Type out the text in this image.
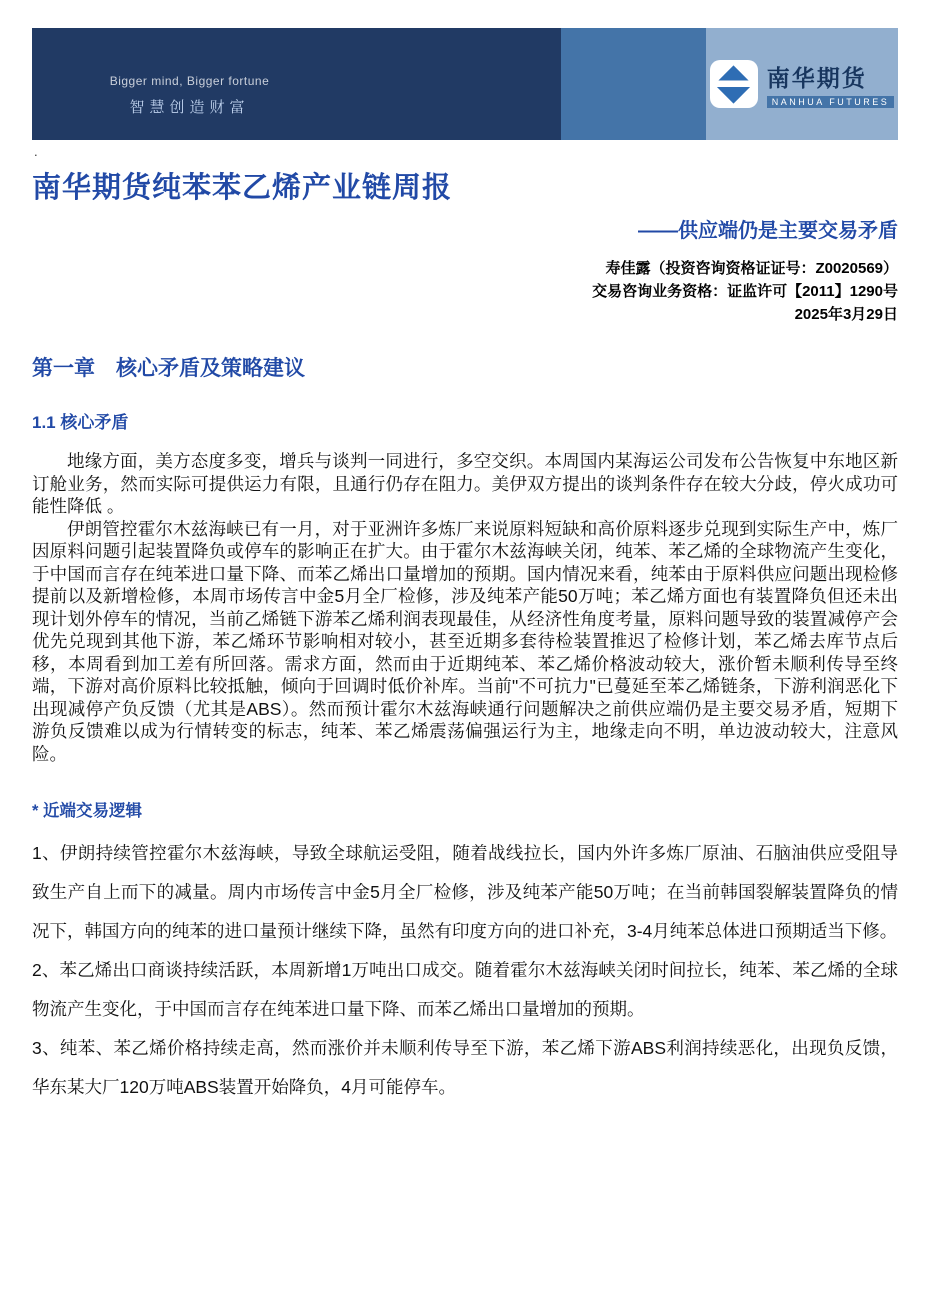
Bigger mind, Bigger fortune
智慧创造财富
南华期货
NANHUA FUTURES
.
南华期货纯苯苯乙烯产业链周报
——供应端仍是主要交易矛盾
寿佳露（投资咨询资格证证号：Z0020569）
交易咨询业务资格：证监许可【2011】1290号
2025年3月29日
第一章　核心矛盾及策略建议
1.1 核心矛盾

地缘方面，美方态度多变，增兵与谈判一同进行，多空交织。本周国内某海运公司发布公告恢复中东地区新订舱业务，然而实际可提供运力有限，且通行仍存在阻力。美伊双方提出的谈判条件存在较大分歧，停火成功可能性降低 。

伊朗管控霍尔木兹海峡已有一月，对于亚洲许多炼厂来说原料短缺和高价原料逐步兑现到实际生产中，炼厂因原料问题引起装置降负或停车的影响正在扩大。由于霍尔木兹海峡关闭，纯苯、苯乙烯的全球物流产生变化，于中国而言存在纯苯进口量下降、而苯乙烯出口量增加的预期。国内情况来看，纯苯由于原料供应问题出现检修提前以及新增检修，本周市场传言中金5月全厂检修，涉及纯苯产能50万吨；苯乙烯方面也有装置降负但还未出现计划外停车的情况，当前乙烯链下游苯乙烯利润表现最佳，从经济性角度考量，原料问题导致的装置减停产会优先兑现到其他下游，苯乙烯环节影响相对较小，甚至近期多套待检装置推迟了检修计划，苯乙烯去库节点后移，本周看到加工差有所回落。需求方面，然而由于近期纯苯、苯乙烯价格波动较大，涨价暂未顺利传导至终端，下游对高价原料比较抵触，倾向于回调时低价补库。当前"不可抗力"已蔓延至苯乙烯链条，下游利润恶化下出现减停产负反馈（尤其是ABS）。然而预计霍尔木兹海峡通行问题解决之前供应端仍是主要交易矛盾，短期下游负反馈难以成为行情转变的标志，纯苯、苯乙烯震荡偏强运行为主，地缘走向不明，单边波动较大，注意风险。

* 近端交易逻辑

1、伊朗持续管控霍尔木兹海峡，导致全球航运受阻，随着战线拉长，国内外许多炼厂原油、石脑油供应受阻导致生产自上而下的减量。周内市场传言中金5月全厂检修，涉及纯苯产能50万吨；在当前韩国裂解装置降负的情况下，韩国方向的纯苯的进口量预计继续下降，虽然有印度方向的进口补充，3-4月纯苯总体进口预期适当下修。

2、苯乙烯出口商谈持续活跃，本周新增1万吨出口成交。随着霍尔木兹海峡关闭时间拉长，纯苯、苯乙烯的全球物流产生变化，于中国而言存在纯苯进口量下降、而苯乙烯出口量增加的预期。

3、纯苯、苯乙烯价格持续走高，然而涨价并未顺利传导至下游，苯乙烯下游ABS利润持续恶化，出现负反馈，华东某大厂120万吨ABS装置开始降负，4月可能停车。
